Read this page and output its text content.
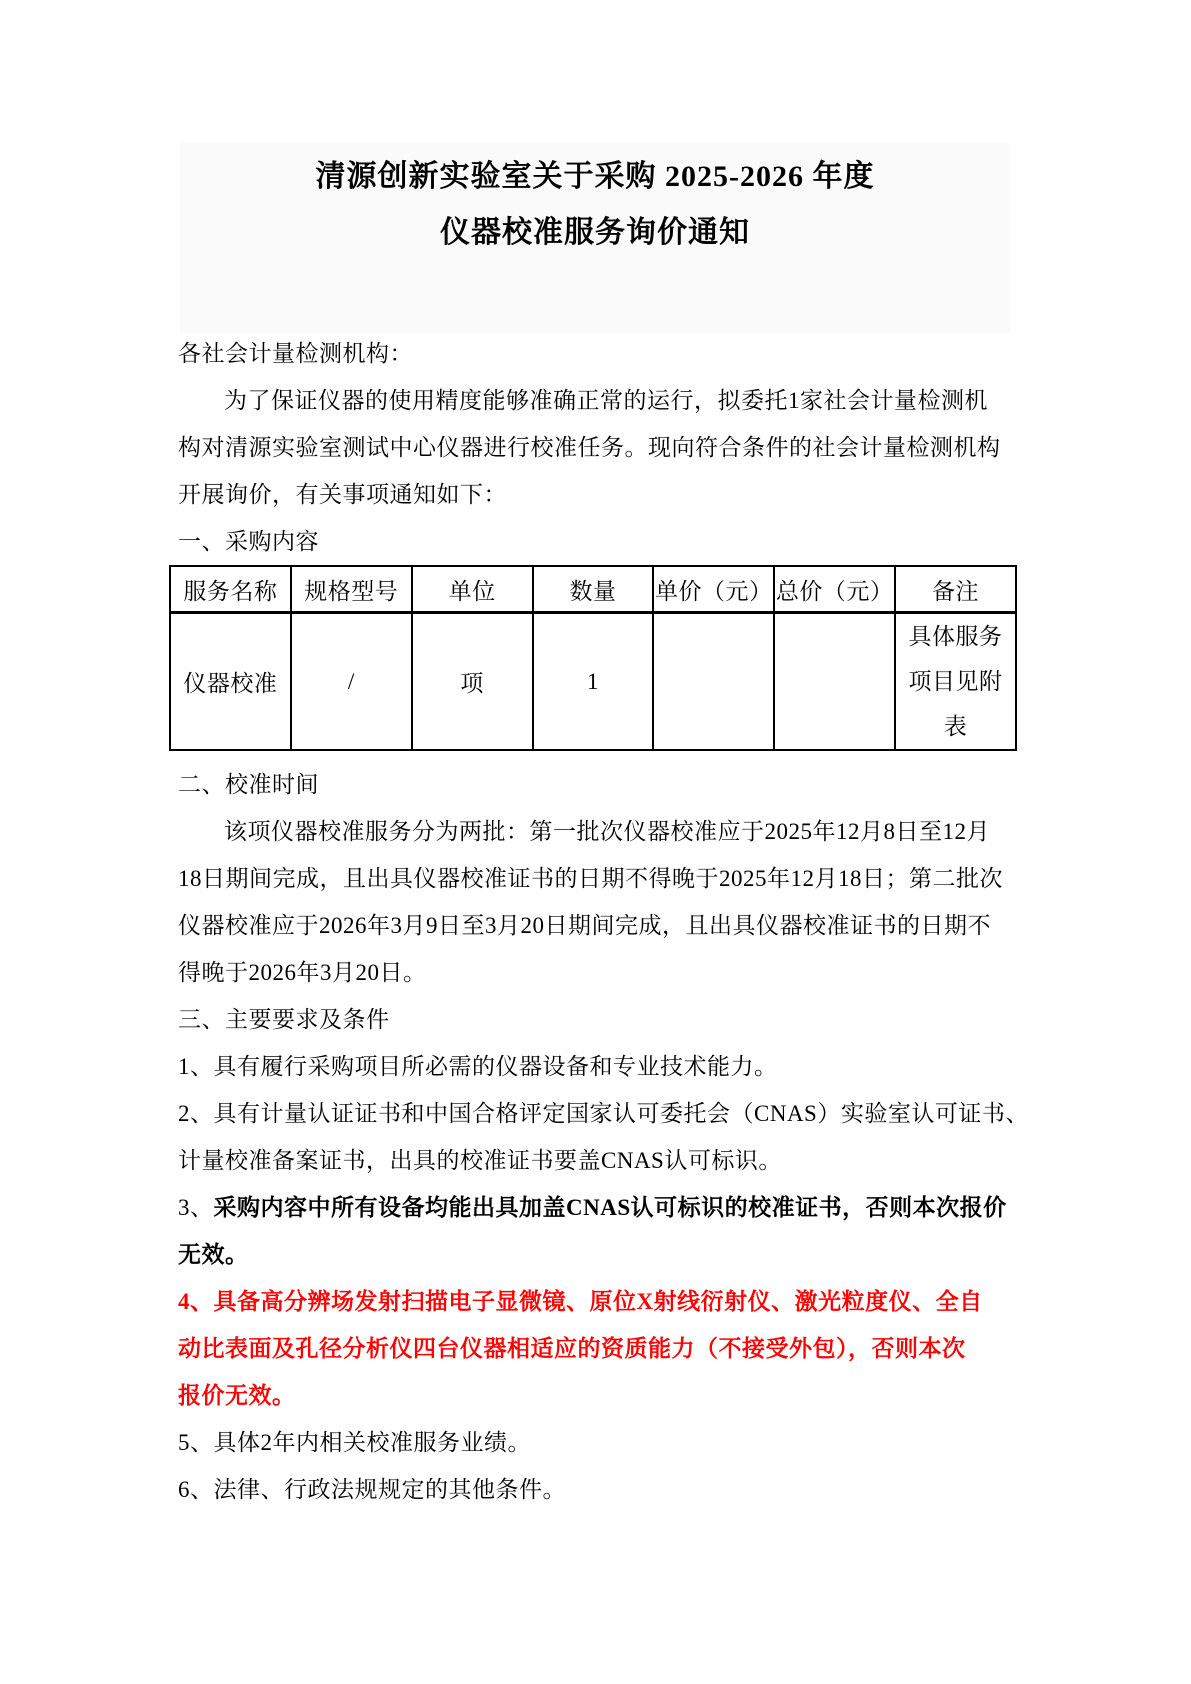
清源创新实验室关于采购 2025-2026 年度
仪器校准服务询价通知
各社会计量检测机构：
为了保证仪器的使用精度能够准确正常的运行，拟委托1家社会计量检测机
构对清源实验室测试中心仪器进行校准任务。现向符合条件的社会计量检测机构
开展询价，有关事项通知如下：
一、采购内容
服务名称	规格型号	单位	数量	单价（元）	总价（元）	备注
仪器校准	/	项	1			具体服务项目见附表
二、校准时间
该项仪器校准服务分为两批：第一批次仪器校准应于2025年12月8日至12月
18日期间完成，且出具仪器校准证书的日期不得晚于2025年12月18日；第二批次
仪器校准应于2026年3月9日至3月20日期间完成，且出具仪器校准证书的日期不
得晚于2026年3月20日。
三、主要要求及条件
1、具有履行采购项目所必需的仪器设备和专业技术能力。
2、具有计量认证证书和中国合格评定国家认可委托会（CNAS）实验室认可证书、
计量校准备案证书，出具的校准证书要盖CNAS认可标识。
3、采购内容中所有设备均能出具加盖CNAS认可标识的校准证书，否则本次报价
无效。
4、具备高分辨场发射扫描电子显微镜、原位X射线衍射仪、激光粒度仪、全自
动比表面及孔径分析仪四台仪器相适应的资质能力（不接受外包），否则本次
报价无效。
5、具体2年内相关校准服务业绩。
6、法律、行政法规规定的其他条件。
